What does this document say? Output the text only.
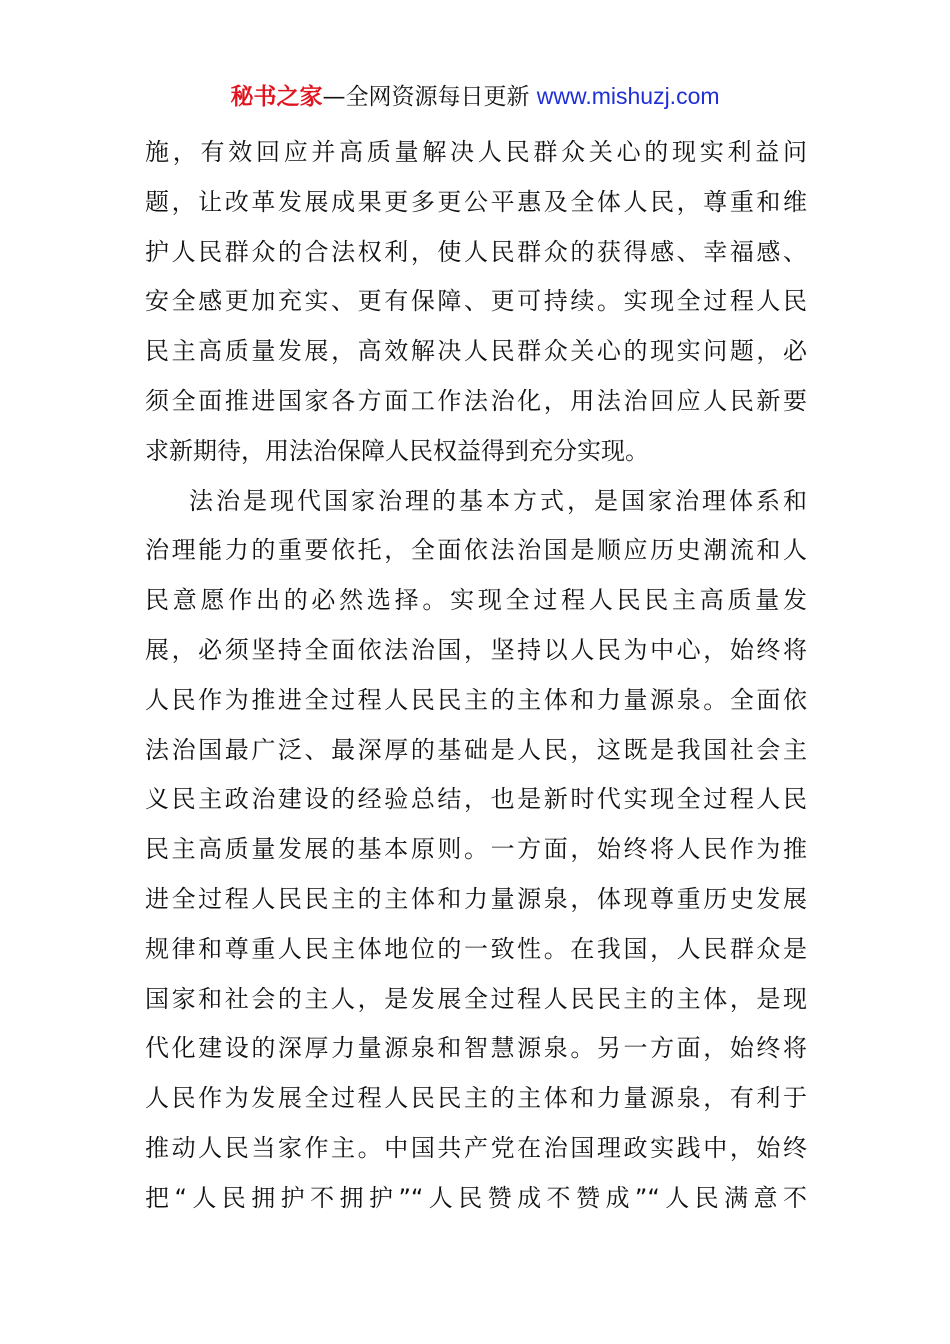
秘书之家—全网资源每日更新 www.mishuzj.com
施，有效回应并高质量解决人民群众关心的现实利益问
题，让改革发展成果更多更公平惠及全体人民，尊重和维
护人民群众的合法权利，使人民群众的获得感、幸福感、
安全感更加充实、更有保障、更可持续。实现全过程人民
民主高质量发展，高效解决人民群众关心的现实问题，必
须全面推进国家各方面工作法治化，用法治回应人民新要
求新期待，用法治保障人民权益得到充分实现。
法治是现代国家治理的基本方式，是国家治理体系和
治理能力的重要依托，全面依法治国是顺应历史潮流和人
民意愿作出的必然选择。实现全过程人民民主高质量发
展，必须坚持全面依法治国，坚持以人民为中心，始终将
人民作为推进全过程人民民主的主体和力量源泉。全面依
法治国最广泛、最深厚的基础是人民，这既是我国社会主
义民主政治建设的经验总结，也是新时代实现全过程人民
民主高质量发展的基本原则。一方面，始终将人民作为推
进全过程人民民主的主体和力量源泉，体现尊重历史发展
规律和尊重人民主体地位的一致性。在我国，人民群众是
国家和社会的主人，是发展全过程人民民主的主体，是现
代化建设的深厚力量源泉和智慧源泉。另一方面，始终将
人民作为发展全过程人民民主的主体和力量源泉，有利于
推动人民当家作主。中国共产党在治国理政实践中，始终
把“人民拥护不拥护”“人民赞成不赞成”“人民满意不
